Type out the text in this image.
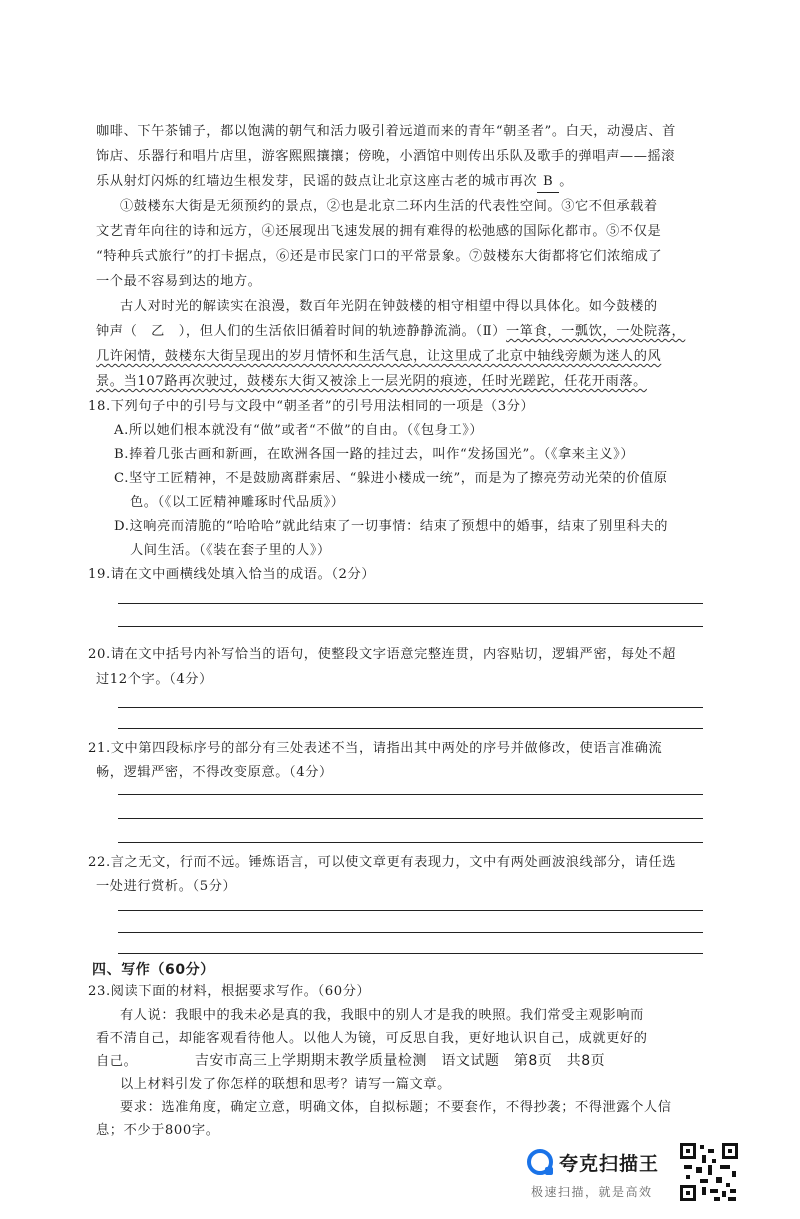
咖啡、下午茶铺子，都以饱满的朝气和活力吸引着远道而来的青年“朝圣者”。白天，动漫店、首
饰店、乐器行和唱片店里，游客熙熙攘攘；傍晚，小酒馆中则传出乐队及歌手的弹唱声——摇滚
乐从射灯闪烁的红墙边生根发芽，民谣的鼓点让北京这座古老的城市再次 B 。
①鼓楼东大街是无须预约的景点，②也是北京二环内生活的代表性空间。③它不但承载着
文艺青年向往的诗和远方，④还展现出飞速发展的拥有难得的松弛感的国际化都市。⑤不仅是
“特种兵式旅行”的打卡据点，⑥还是市民家门口的平常景象。⑦鼓楼东大街都将它们浓缩成了
一个最不容易到达的地方。
古人对时光的解读实在浪漫，数百年光阴在钟鼓楼的相守相望中得以具体化。如今鼓楼的
钟声（　乙　），但人们的生活依旧循着时间的轨迹静静流淌。（Ⅱ）一箪食，一瓢饮，一处院落，
几许闲情，鼓楼东大街呈现出的岁月情怀和生活气息，让这里成了北京中轴线旁颇为迷人的风
景。当107路再次驶过，鼓楼东大街又被涂上一层光阴的痕迹，任时光蹉跎，任花开雨落。
18.下列句子中的引号与文段中“朝圣者”的引号用法相同的一项是（3分）
A.所以她们根本就没有“做”或者“不做”的自由。（《包身工》）
B.捧着几张古画和新画，在欧洲各国一路的挂过去，叫作“发扬国光”。（《拿来主义》）
C.坚守工匠精神，不是鼓励离群索居、“躲进小楼成一统”，而是为了擦亮劳动光荣的价值原
色。（《以工匠精神雕琢时代品质》）
D.这响亮而清脆的“哈哈哈”就此结束了一切事情：结束了预想中的婚事，结束了别里科夫的
人间生活。（《装在套子里的人》）
19.请在文中画横线处填入恰当的成语。（2分）
20.请在文中括号内补写恰当的语句，使整段文字语意完整连贯，内容贴切，逻辑严密，每处不超
过12个字。（4分）
21.文中第四段标序号的部分有三处表述不当，请指出其中两处的序号并做修改，使语言准确流
畅，逻辑严密，不得改变原意。（4分）
22.言之无文，行而不远。锤炼语言，可以使文章更有表现力，文中有两处画波浪线部分，请任选
一处进行赏析。（5分）
四、写作（60分）
23.阅读下面的材料，根据要求写作。（60分）
有人说：我眼中的我未必是真的我，我眼中的别人才是我的映照。我们常受主观影响而
看不清自己，却能客观看待他人。以他人为镜，可反思自我，更好地认识自己，成就更好的
自己。
以上材料引发了你怎样的联想和思考？请写一篇文章。
要求：选准角度，确定立意，明确文体，自拟标题；不要套作，不得抄袭；不得泄露个人信
息；不少于800字。
夸克扫描王
极速扫描，就是高效
吉安市高三上学期期末教学质量检测　语文试题　第8页　共8页
